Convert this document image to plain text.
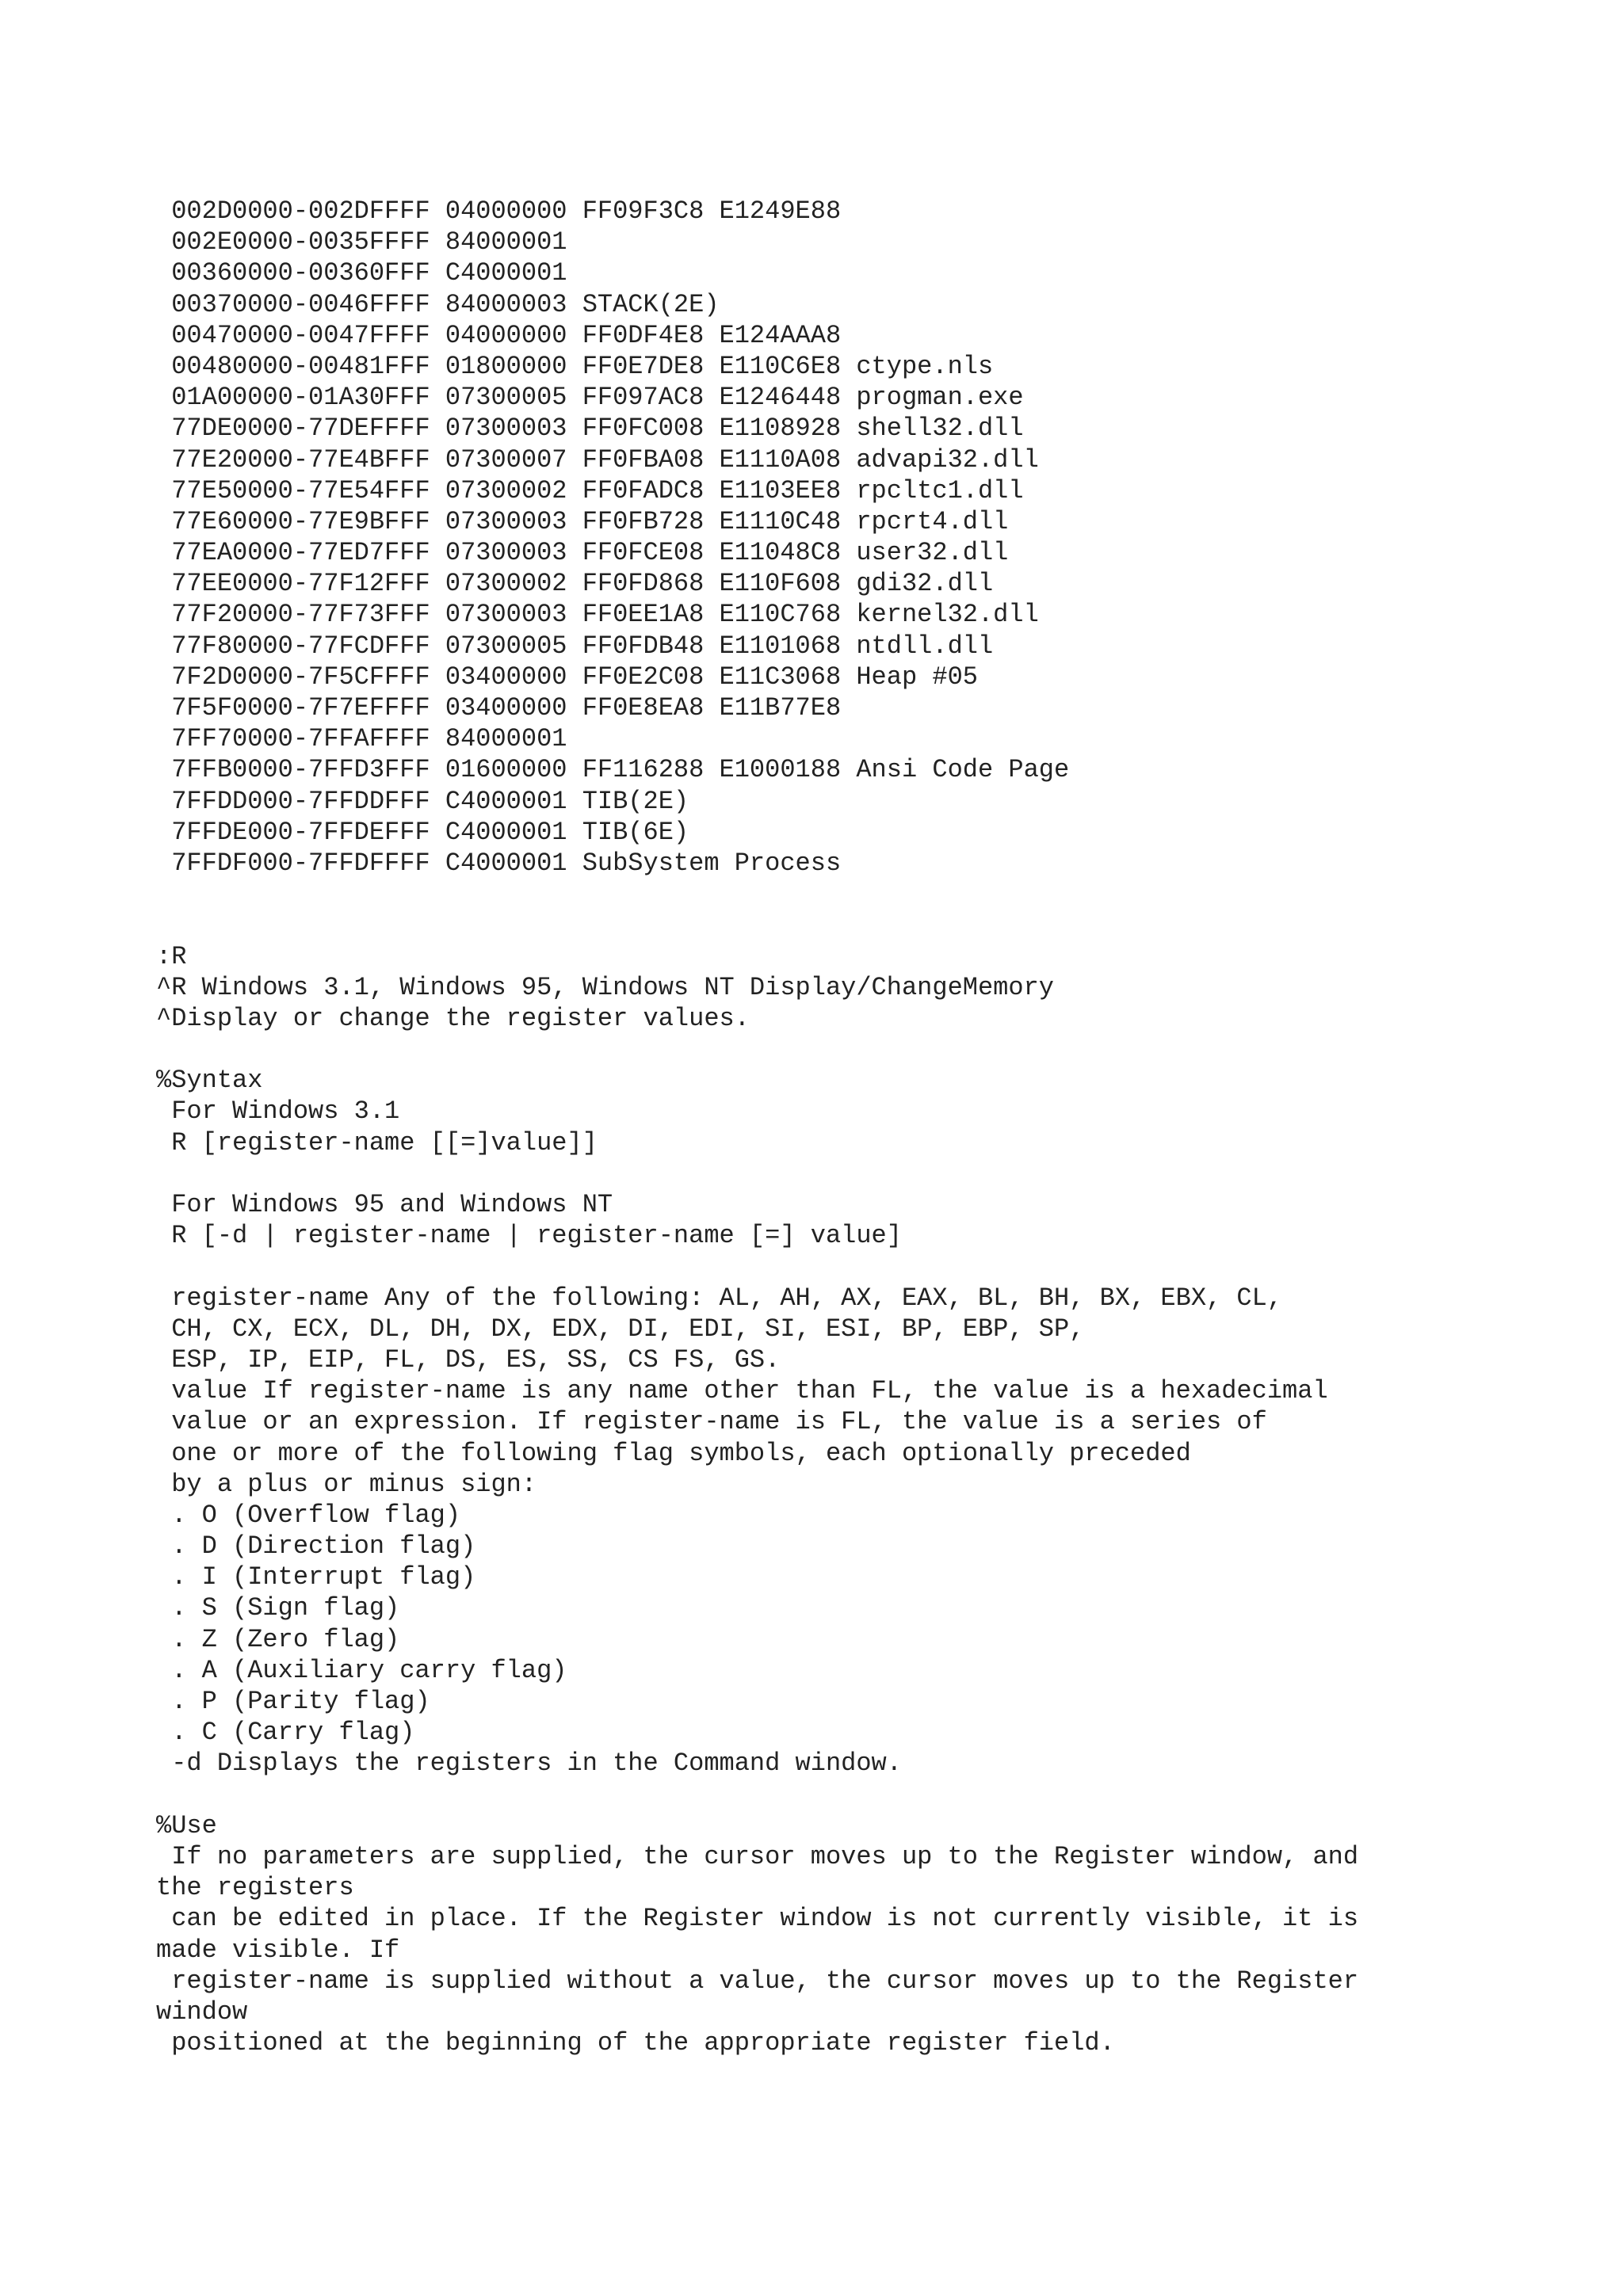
002D0000-002DFFFF 04000000 FF09F3C8 E1249E88
002E0000-0035FFFF 84000001
00360000-00360FFF C4000001
00370000-0046FFFF 84000003 STACK(2E)
00470000-0047FFFF 04000000 FF0DF4E8 E124AAA8
00480000-00481FFF 01800000 FF0E7DE8 E110C6E8 ctype.nls
01A00000-01A30FFF 07300005 FF097AC8 E1246448 progman.exe
77DE0000-77DEFFFF 07300003 FF0FC008 E1108928 shell32.dll
77E20000-77E4BFFF 07300007 FF0FBA08 E1110A08 advapi32.dll
77E50000-77E54FFF 07300002 FF0FADC8 E1103EE8 rpcltc1.dll
77E60000-77E9BFFF 07300003 FF0FB728 E1110C48 rpcrt4.dll
77EA0000-77ED7FFF 07300003 FF0FCE08 E11048C8 user32.dll
77EE0000-77F12FFF 07300002 FF0FD868 E110F608 gdi32.dll
77F20000-77F73FFF 07300003 FF0EE1A8 E110C768 kernel32.dll
77F80000-77FCDFFF 07300005 FF0FDB48 E1101068 ntdll.dll
7F2D0000-7F5CFFFF 03400000 FF0E2C08 E11C3068 Heap #05
7F5F0000-7F7EFFFF 03400000 FF0E8EA8 E11B77E8
7FF70000-7FFAFFFF 84000001
7FFB0000-7FFD3FFF 01600000 FF116288 E1000188 Ansi Code Page
7FFDD000-7FFDDFFF C4000001 TIB(2E)
7FFDE000-7FFDEFFF C4000001 TIB(6E)
7FFDF000-7FFDFFFF C4000001 SubSystem Process
:R
^R Windows 3.1, Windows 95, Windows NT Display/ChangeMemory
^Display or change the register values.
%Syntax
For Windows 3.1
R [register-name [[=]value]]
For Windows 95 and Windows NT
R [-d | register-name | register-name [=] value]
register-name Any of the following: AL, AH, AX, EAX, BL, BH, BX, EBX, CL,
CH, CX, ECX, DL, DH, DX, EDX, DI, EDI, SI, ESI, BP, EBP, SP,
ESP, IP, EIP, FL, DS, ES, SS, CS FS, GS.
value If register-name is any name other than FL, the value is a hexadecimal
value or an expression. If register-name is FL, the value is a series of
one or more of the following flag symbols, each optionally preceded
by a plus or minus sign:
. O (Overflow flag)
. D (Direction flag)
. I (Interrupt flag)
. S (Sign flag)
. Z (Zero flag)
. A (Auxiliary carry flag)
. P (Parity flag)
. C (Carry flag)
-d Displays the registers in the Command window.
%Use
If no parameters are supplied, the cursor moves up to the Register window, and
the registers
can be edited in place. If the Register window is not currently visible, it is
made visible. If
register-name is supplied without a value, the cursor moves up to the Register
window
positioned at the beginning of the appropriate register field.
